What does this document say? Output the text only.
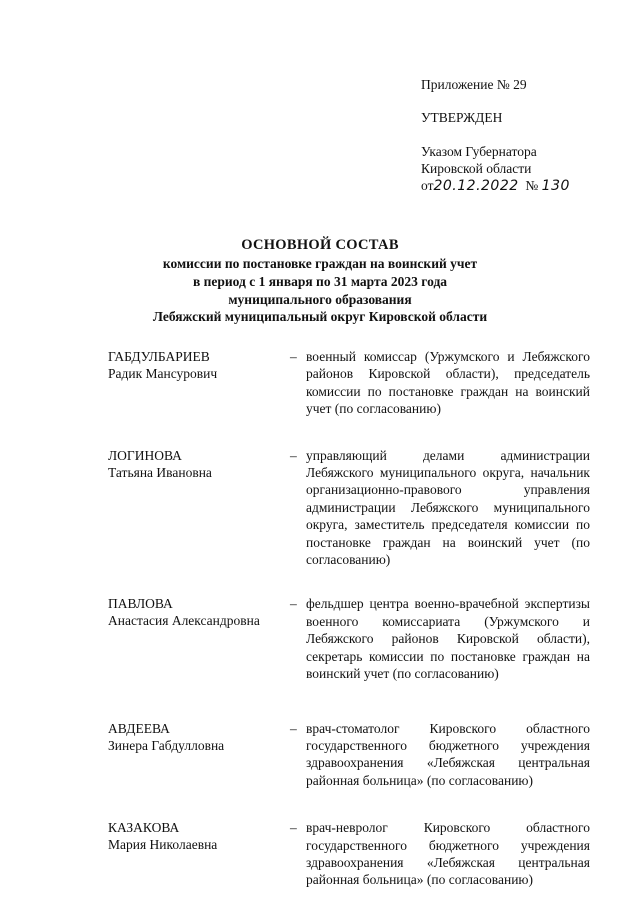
Приложение № 29
УТВЕРЖДЕН
Указом Губернатора
Кировской области
от20.12.2022 № 130
ОСНОВНОЙ СОСТАВ
комиссии по постановке граждан на воинский учет
в период с 1 января по 31 марта 2023 года
муниципального образования
Лебяжский муниципальный округ Кировской области
ГАБДУЛБАРИЕВ
Радик Мансурович
– военный комиссар (Уржумского и Лебяжского районов Кировской области), председатель комиссии по постановке граждан на воинский учет (по согласованию)
ЛОГИНОВА
Татьяна Ивановна
– управляющий делами администрации Лебяжского муниципального округа, начальник организационно-правового управления администрации Лебяжского муниципального округа, заместитель председателя комиссии по постановке граждан на воинский учет (по согласованию)
ПАВЛОВА
Анастасия Александровна
– фельдшер центра военно-врачебной экспертизы военного комиссариата (Уржумского и Лебяжского районов Кировской области), секретарь комиссии по постановке граждан на воинский учет (по согласованию)
АВДЕЕВА
Зинера Габдулловна
– врач-стоматолог Кировского областного государственного бюджетного учреждения здравоохранения «Лебяжская центральная районная больница» (по согласованию)
КАЗАКОВА
Мария Николаевна
– врач-невролог Кировского областного государственного бюджетного учреждения здравоохранения «Лебяжская центральная районная больница» (по согласованию)
